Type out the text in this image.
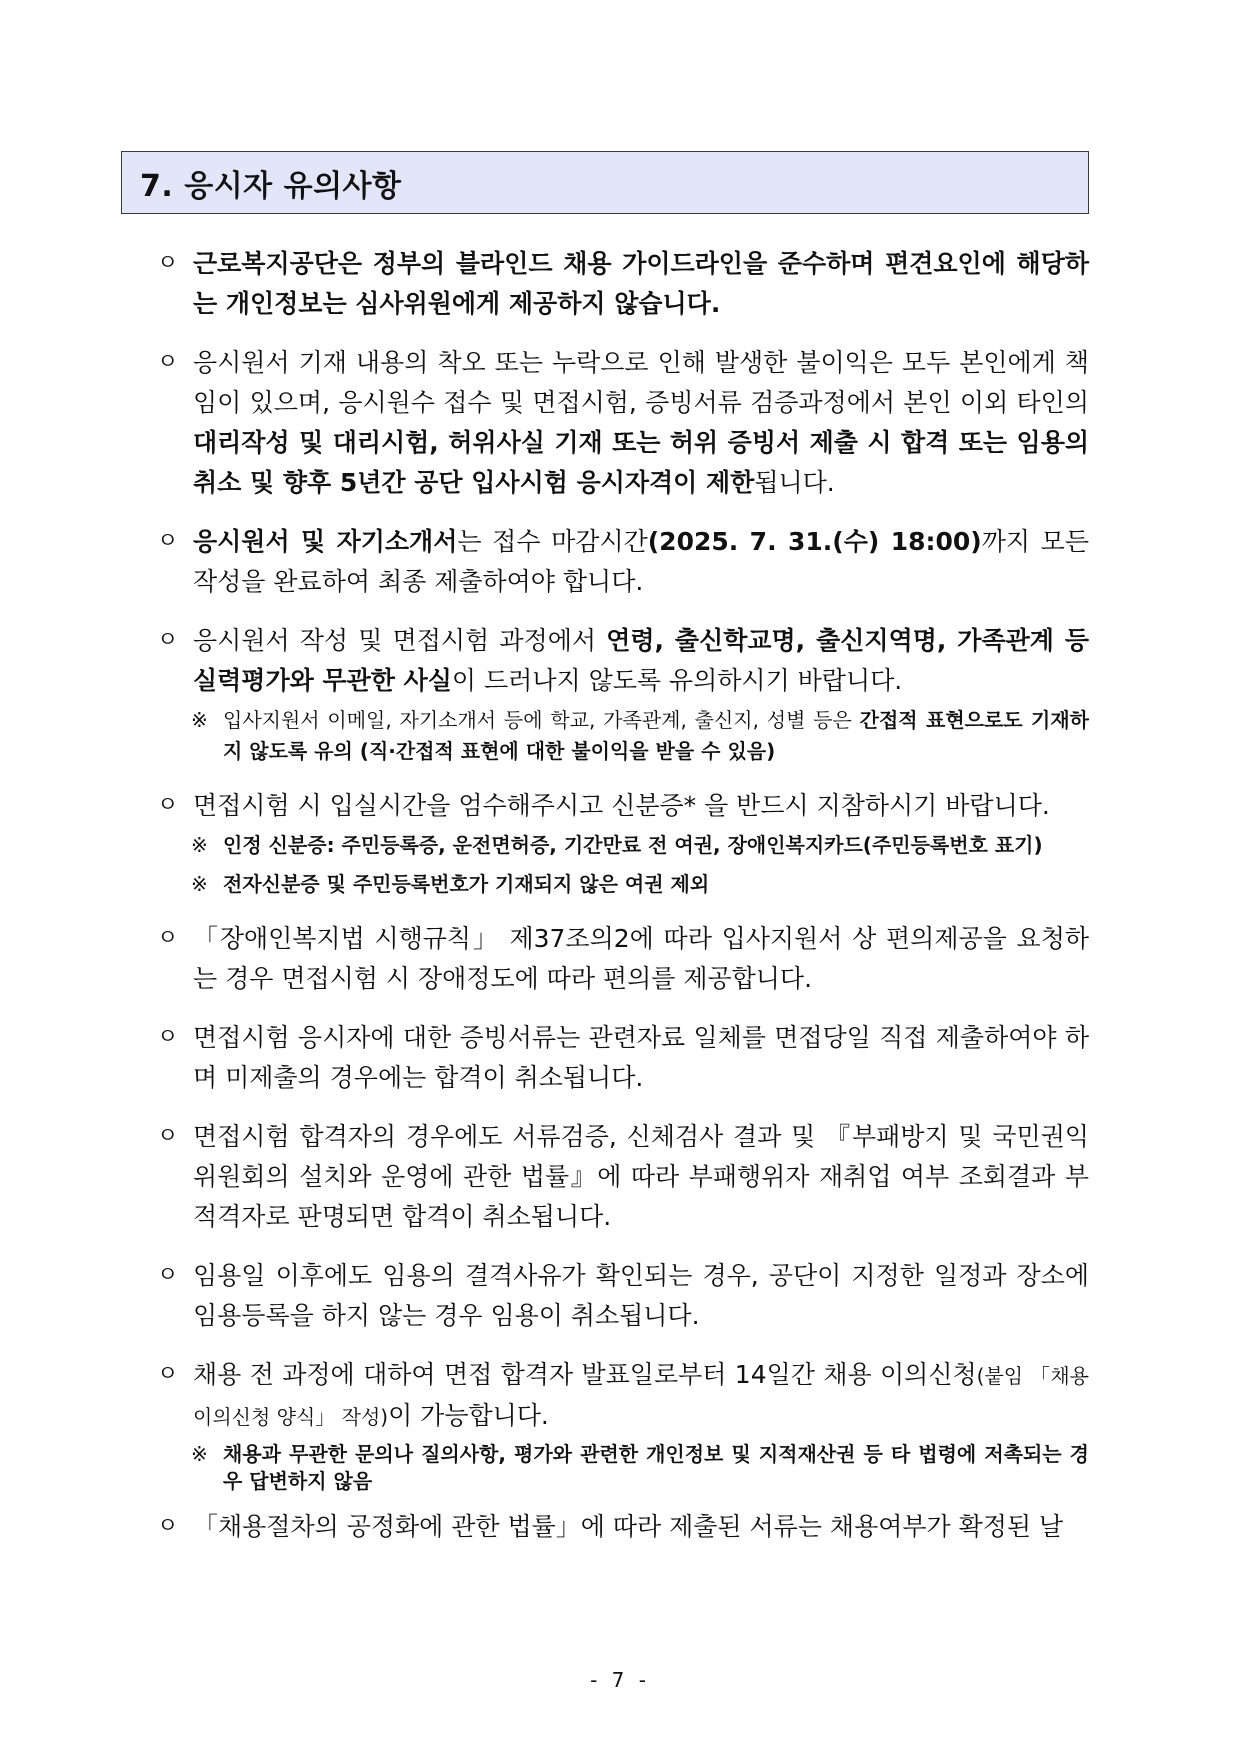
7. 응시자 유의사항
ㅇ 근로복지공단은 정부의 블라인드 채용 가이드라인을 준수하며 편견요인에 해당하는 개인정보는 심사위원에게 제공하지 않습니다.
ㅇ 응시원서 기재 내용의 착오 또는 누락으로 인해 발생한 불이익은 모두 본인에게 책임이 있으며, 응시원수 접수 및 면접시험, 증빙서류 검증과정에서 본인 이외 타인의 대리작성 및 대리시험, 허위사실 기재 또는 허위 증빙서 제출 시 합격 또는 임용의 취소 및 향후 5년간 공단 입사시험 응시자격이 제한됩니다.
ㅇ 응시원서 및 자기소개서는 접수 마감시간(2025. 7. 31.(수) 18:00)까지 모든 작성을 완료하여 최종 제출하여야 합니다.
ㅇ 응시원서 작성 및 면접시험 과정에서 연령, 출신학교명, 출신지역명, 가족관계 등 실력평가와 무관한 사실이 드러나지 않도록 유의하시기 바랍니다.
※ 입사지원서 이메일, 자기소개서 등에 학교, 가족관계, 출신지, 성별 등은 간접적 표현으로도 기재하지 않도록 유의 (직·간접적 표현에 대한 불이익을 받을 수 있음)
ㅇ 면접시험 시 입실시간을 엄수해주시고 신분증* 을 반드시 지참하시기 바랍니다.
※ 인정 신분증: 주민등록증, 운전면허증, 기간만료 전 여권, 장애인복지카드(주민등록번호 표기)
※ 전자신분증 및 주민등록번호가 기재되지 않은 여권 제외
ㅇ 「장애인복지법 시행규칙」 제37조의2에 따라 입사지원서 상 편의제공을 요청하는 경우 면접시험 시 장애정도에 따라 편의를 제공합니다.
ㅇ 면접시험 응시자에 대한 증빙서류는 관련자료 일체를 면접당일 직접 제출하여야 하며 미제출의 경우에는 합격이 취소됩니다.
ㅇ 면접시험 합격자의 경우에도 서류검증, 신체검사 결과 및 『부패방지 및 국민권익위원회의 설치와 운영에 관한 법률』에 따라 부패행위자 재취업 여부 조회결과 부적격자로 판명되면 합격이 취소됩니다.
ㅇ 임용일 이후에도 임용의 결격사유가 확인되는 경우, 공단이 지정한 일정과 장소에 임용등록을 하지 않는 경우 임용이 취소됩니다.
ㅇ 채용 전 과정에 대하여 면접 합격자 발표일로부터 14일간 채용 이의신청(붙임 「채용 이의신청 양식」 작성)이 가능합니다.
※ 채용과 무관한 문의나 질의사항, 평가와 관련한 개인정보 및 지적재산권 등 타 법령에 저촉되는 경우 답변하지 않음
ㅇ 「채용절차의 공정화에 관한 법률」에 따라 제출된 서류는 채용여부가 확정된 날
- 7 -
